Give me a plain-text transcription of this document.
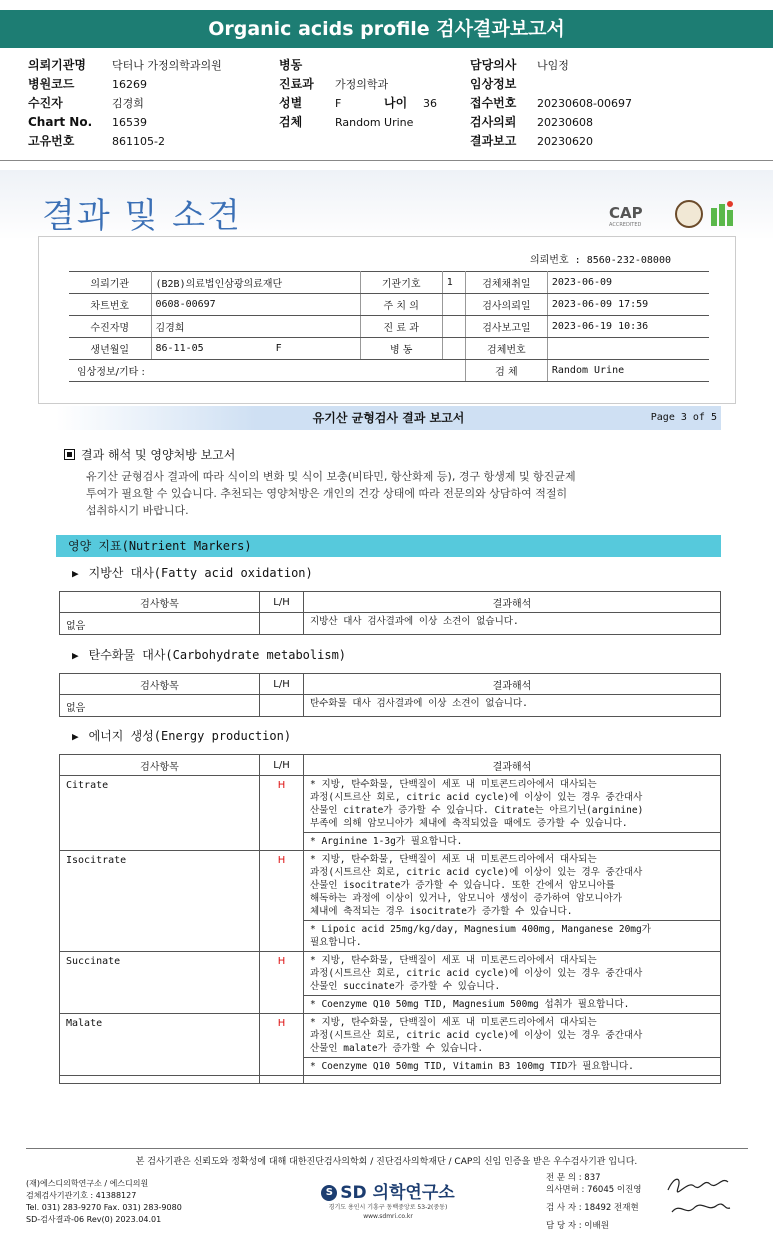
Organic acids profile 검사결과보고서
의뢰기관명 닥터나 가정의학과의원
병원코드	16269
수진자	김경희
Chart No. 16539
고유번호	861105-2
병동
진료과 가정의학과
성별	F
검체	Random Urine
나이 36
담당의사 나임정
임상정보
접수번호 20230608-00697
검사의뢰 20230608
결과보고 20230620
결과 및 소견	CAP
ACCREDITED
의뢰번호 : 8560-232-08000
의뢰기관	(B2B)의료법인삼광의료재단	기관기호	1	검체채취일	2023-06-09
차트번호	0608-00697	주 치 의		검사의뢰일	2023-06-09 17:59
수진자명	김경희	진 료 과		검사보고일	2023-06-19 10:36
생년월일	86-11-05 F	병 동		검체번호	
임상정보/기타 :				검 체	Random Urine
유기산 균형검사 결과 보고서	Page 3 of 5
결과 해석 및 영양처방 보고서
유기산 균형검사 결과에 따라 식이의 변화 및 식이 보충(비타민, 항산화제 등), 경구 항생제 및 항진균제
투여가 필요할 수 있습니다. 추천되는 영양처방은 개인의 건강 상태에 따라 전문의와 상담하여 적절히
섭취하시기 바랍니다.
영양 지표(Nutrient Markers)
▶ 지방산 대사(Fatty acid oxidation)
검사항목	L/H	결과해석
없음		지방산 대사 검사결과에 이상 소견이 없습니다.
▶ 탄수화물 대사(Carbohydrate metabolism)
검사항목	L/H	결과해석
없음		탄수화물 대사 검사결과에 이상 소견이 없습니다.
▶ 에너지 생성(Energy production)
검사항목	L/H	결과해석
Citrate	H	* 지방, 탄수화물, 단백질이 세포 내 미토콘드리아에서 대사되는
과정(시트르산 회로, citric acid cycle)에 이상이 있는 경우 중간대사
산물인 citrate가 증가할 수 있습니다. Citrate는 아르기닌(arginine)
부족에 의해 암모니아가 체내에 축적되었을 때에도 증가할 수 있습니다.

		* Arginine 1-3g가 필요합니다.

Isocitrate	H	* 지방, 탄수화물, 단백질이 세포 내 미토콘드리아에서 대사되는
과정(시트르산 회로, citric acid cycle)에 이상이 있는 경우 중간대사
산물인 isocitrate가 증가할 수 있습니다. 또한 간에서 암모니아를
해독하는 과정에 이상이 있거나, 암모니아 생성이 증가하여 암모니아가
체내에 축적되는 경우 isocitrate가 증가할 수 있습니다.

		* Lipoic acid 25mg/kg/day, Magnesium 400mg, Manganese 20mg가
필요합니다.

Succinate	H	* 지방, 탄수화물, 단백질이 세포 내 미토콘드리아에서 대사되는
과정(시트르산 회로, citric acid cycle)에 이상이 있는 경우 중간대사
산물인 succinate가 증가할 수 있습니다.

		* Coenzyme Q10 50mg TID, Magnesium 500mg 섭취가 필요합니다.

Malate	H	* 지방, 탄수화물, 단백질이 세포 내 미토콘드리아에서 대사되는
과정(시트르산 회로, citric acid cycle)에 이상이 있는 경우 중간대사
산물인 malate가 증가할 수 있습니다.

		* Coenzyme Q10 50mg TID, Vitamin B3 100mg TID가 필요합니다.

본 검사기관은 신뢰도와 정확성에 대해 대한진단검사의학회 / 진단검사의학재단 / CAP의 신임 인증을 받은 우수검사기관 입니다.
(재)에스디의학연구소 / 에스디의원
검체검사기관기호 : 41388127
Tel. 031) 283-9270 Fax. 031) 283-9080
SD-검사결과-06 Rev(0) 2023.04.01
S SD 의학연구소
경기도 용인시 기흥구 동백중앙로 53-2(중동)
www.sdmri.co.kr
전 문 의 : 837
의사면허 : 76045 이진영
검 사 자 : 18492 전재현
담 당 자 : 이배원
